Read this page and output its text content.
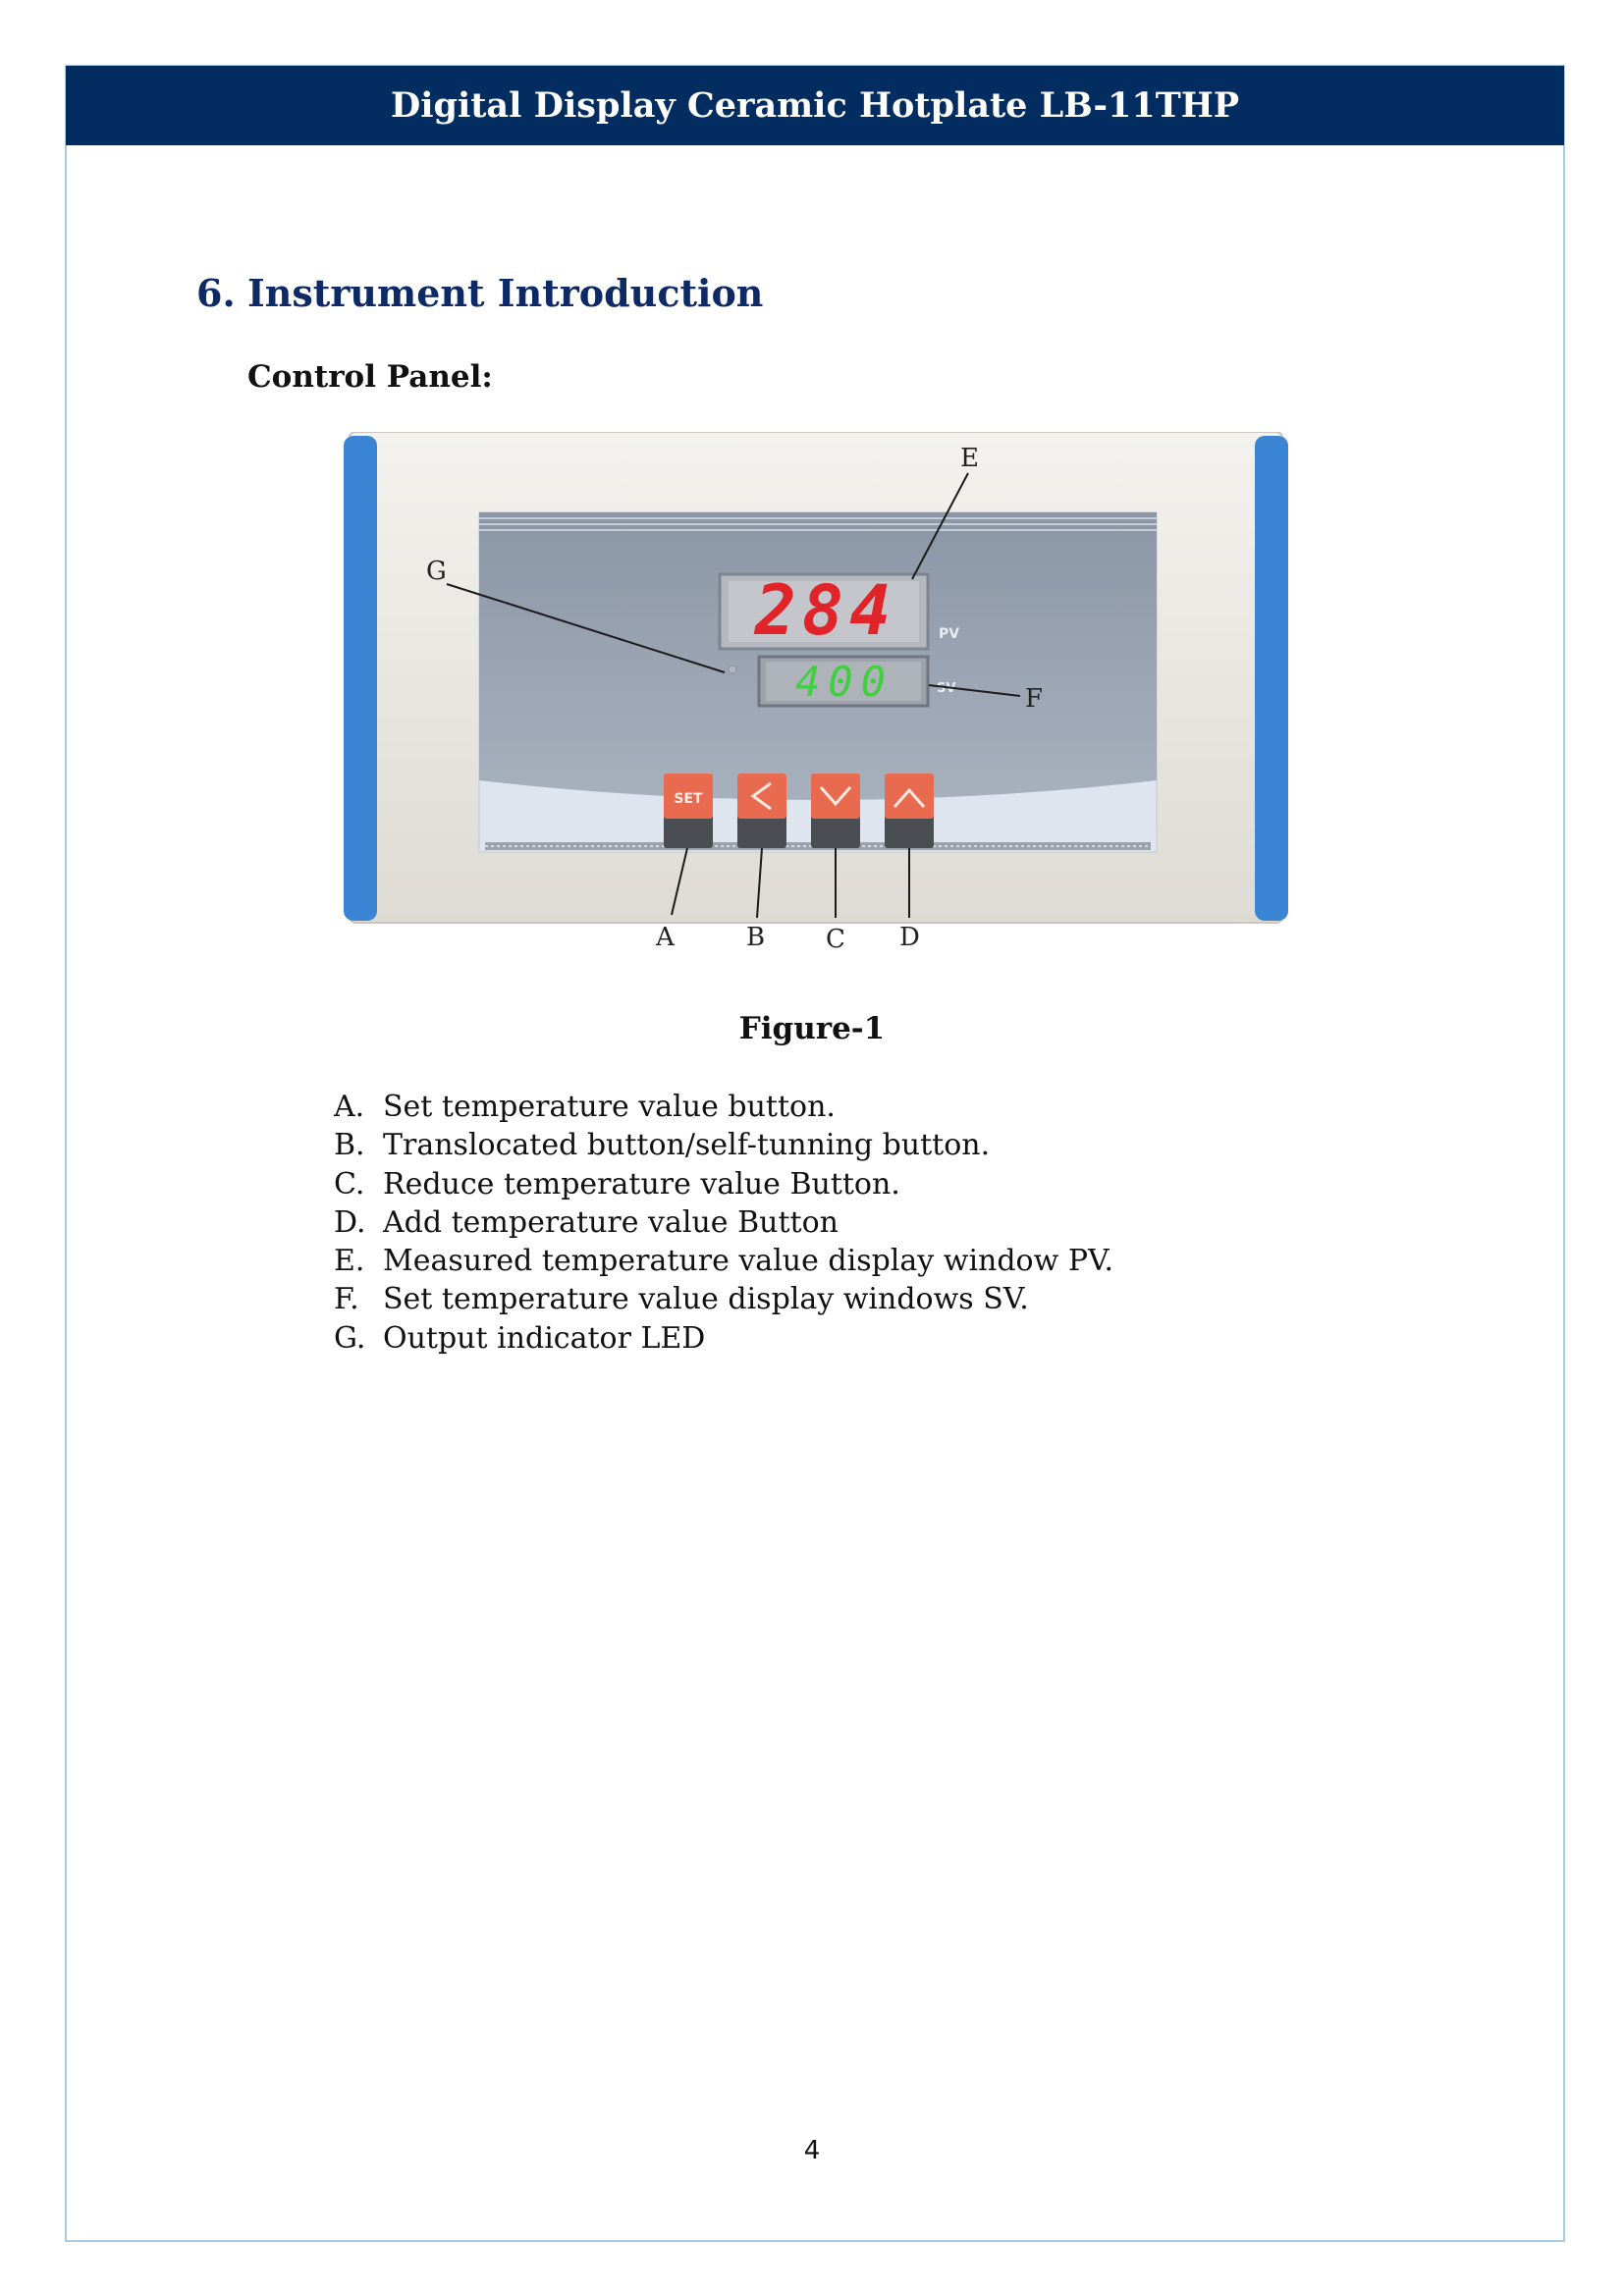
Digital Display Ceramic Hotplate LB-11THP
6. Instrument Introduction
Control Panel:
284	PV
400	SV
SET
G
E
F
A	B C D
Figure-1
A. Set temperature value button.
B. Translocated button/self-tunning button.
C. Reduce temperature value Button.
D. Add temperature value Button
E. Measured temperature value display window PV.
F. Set temperature value display windows SV.
G. Output indicator LED
4
